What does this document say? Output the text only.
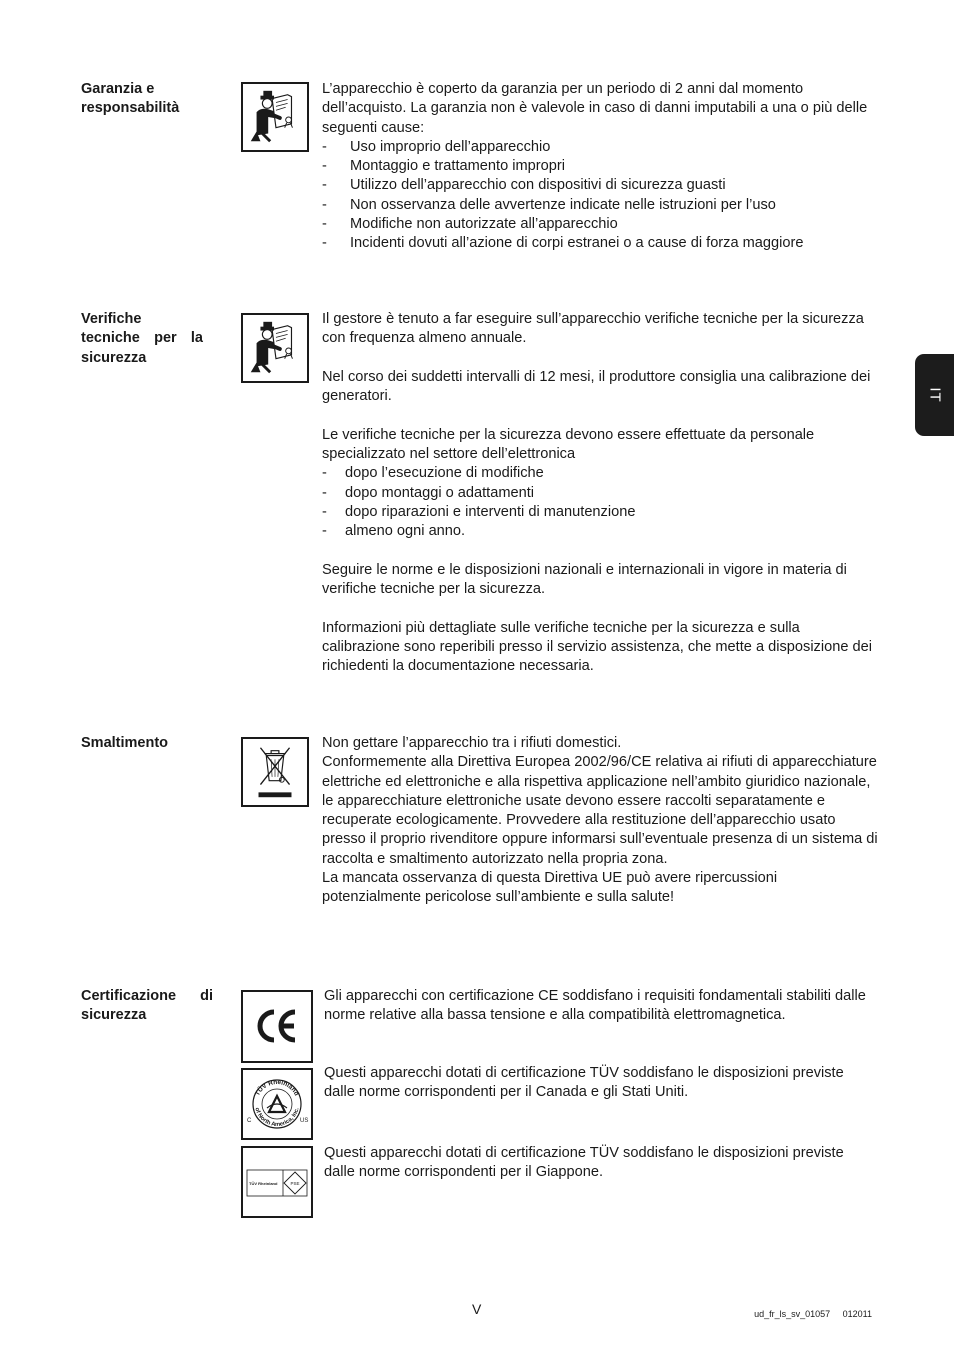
IT
Garanzia e responsabilità

L’apparecchio è coperto da garanzia per un periodo di 2 anni dal momento dell’acquisto. La garanzia non è valevole in caso di danni imputabili a una o più delle seguenti cause:

- Uso improprio dell’apparecchio
- Montaggio e trattamento impropri
- Utilizzo dell’apparecchio con dispositivi di sicurezza guasti
- Non osservanza delle avvertenze indicate nelle istruzioni per l’uso
- Modifiche non autorizzate all’apparecchio
- Incidenti dovuti all’azione di corpi estranei o a cause di forza maggiore
Verifiche tecniche per la sicurezza

Il gestore è tenuto a far eseguire sull’apparecchio verifiche tecniche per la sicurezza con frequenza almeno annuale.

Nel corso dei suddetti intervalli di 12 mesi, il produttore consiglia una calibrazione dei generatori.

Le verifiche tecniche per la sicurezza devono essere effettuate da personale specializzato nel settore dell’elettronica

- dopo l’esecuzione di modifiche
- dopo montaggi o adattamenti
- dopo riparazioni e interventi di manutenzione
- almeno ogni anno.

Seguire le norme e le disposizioni nazionali e internazionali in vigore in materia di verifiche tecniche per la sicurezza.

Informazioni più dettagliate sulle verifiche tecniche per la sicurezza e sulla calibrazione sono reperibili presso il servizio assistenza, che mette a disposizione dei richiedenti la documentazione necessaria.

Smaltimento	Non gettare l’apparecchio tra i rifiuti domestici.

Conformemente alla Direttiva Europea 2002/96/CE relativa ai rifiuti di apparecchiature elettriche ed elettroniche e alla rispettiva applicazione nell’ambito giuridico nazionale, le apparecchiature elettroniche usate devono essere raccolti separatamente e recuperate ecologicamente. Provvedere alla restituzione dell’apparecchio usato presso il proprio rivenditore oppure informarsi sull’eventuale presenza di un sistema di raccolta e smaltimento autorizzato nella propria zona.

La mancata osservanza di questa Direttiva UE può avere ripercussioni potenzialmente pericolose sull’ambiente e sulla salute!

Certificazione di sicurezza
Gli apparecchi con certificazione CE soddisfano i requisiti fondamentali stabiliti dalle norme relative alla bassa tensione e alla compatibilità elettromagnetica.
TÜV Rheinland
of North America, Inc.
C	US
Questi apparecchi dotati di certificazione TÜV soddisfano le disposizioni previste dalle norme corrispondenti per il Canada e gli Stati Uniti.
TÜV Rheinland	PSE
Questi apparecchi dotati di certificazione TÜV soddisfano le disposizioni previste dalle norme corrispondenti per il Giappone.
V	ud_fr_ls_sv_01057     012011
